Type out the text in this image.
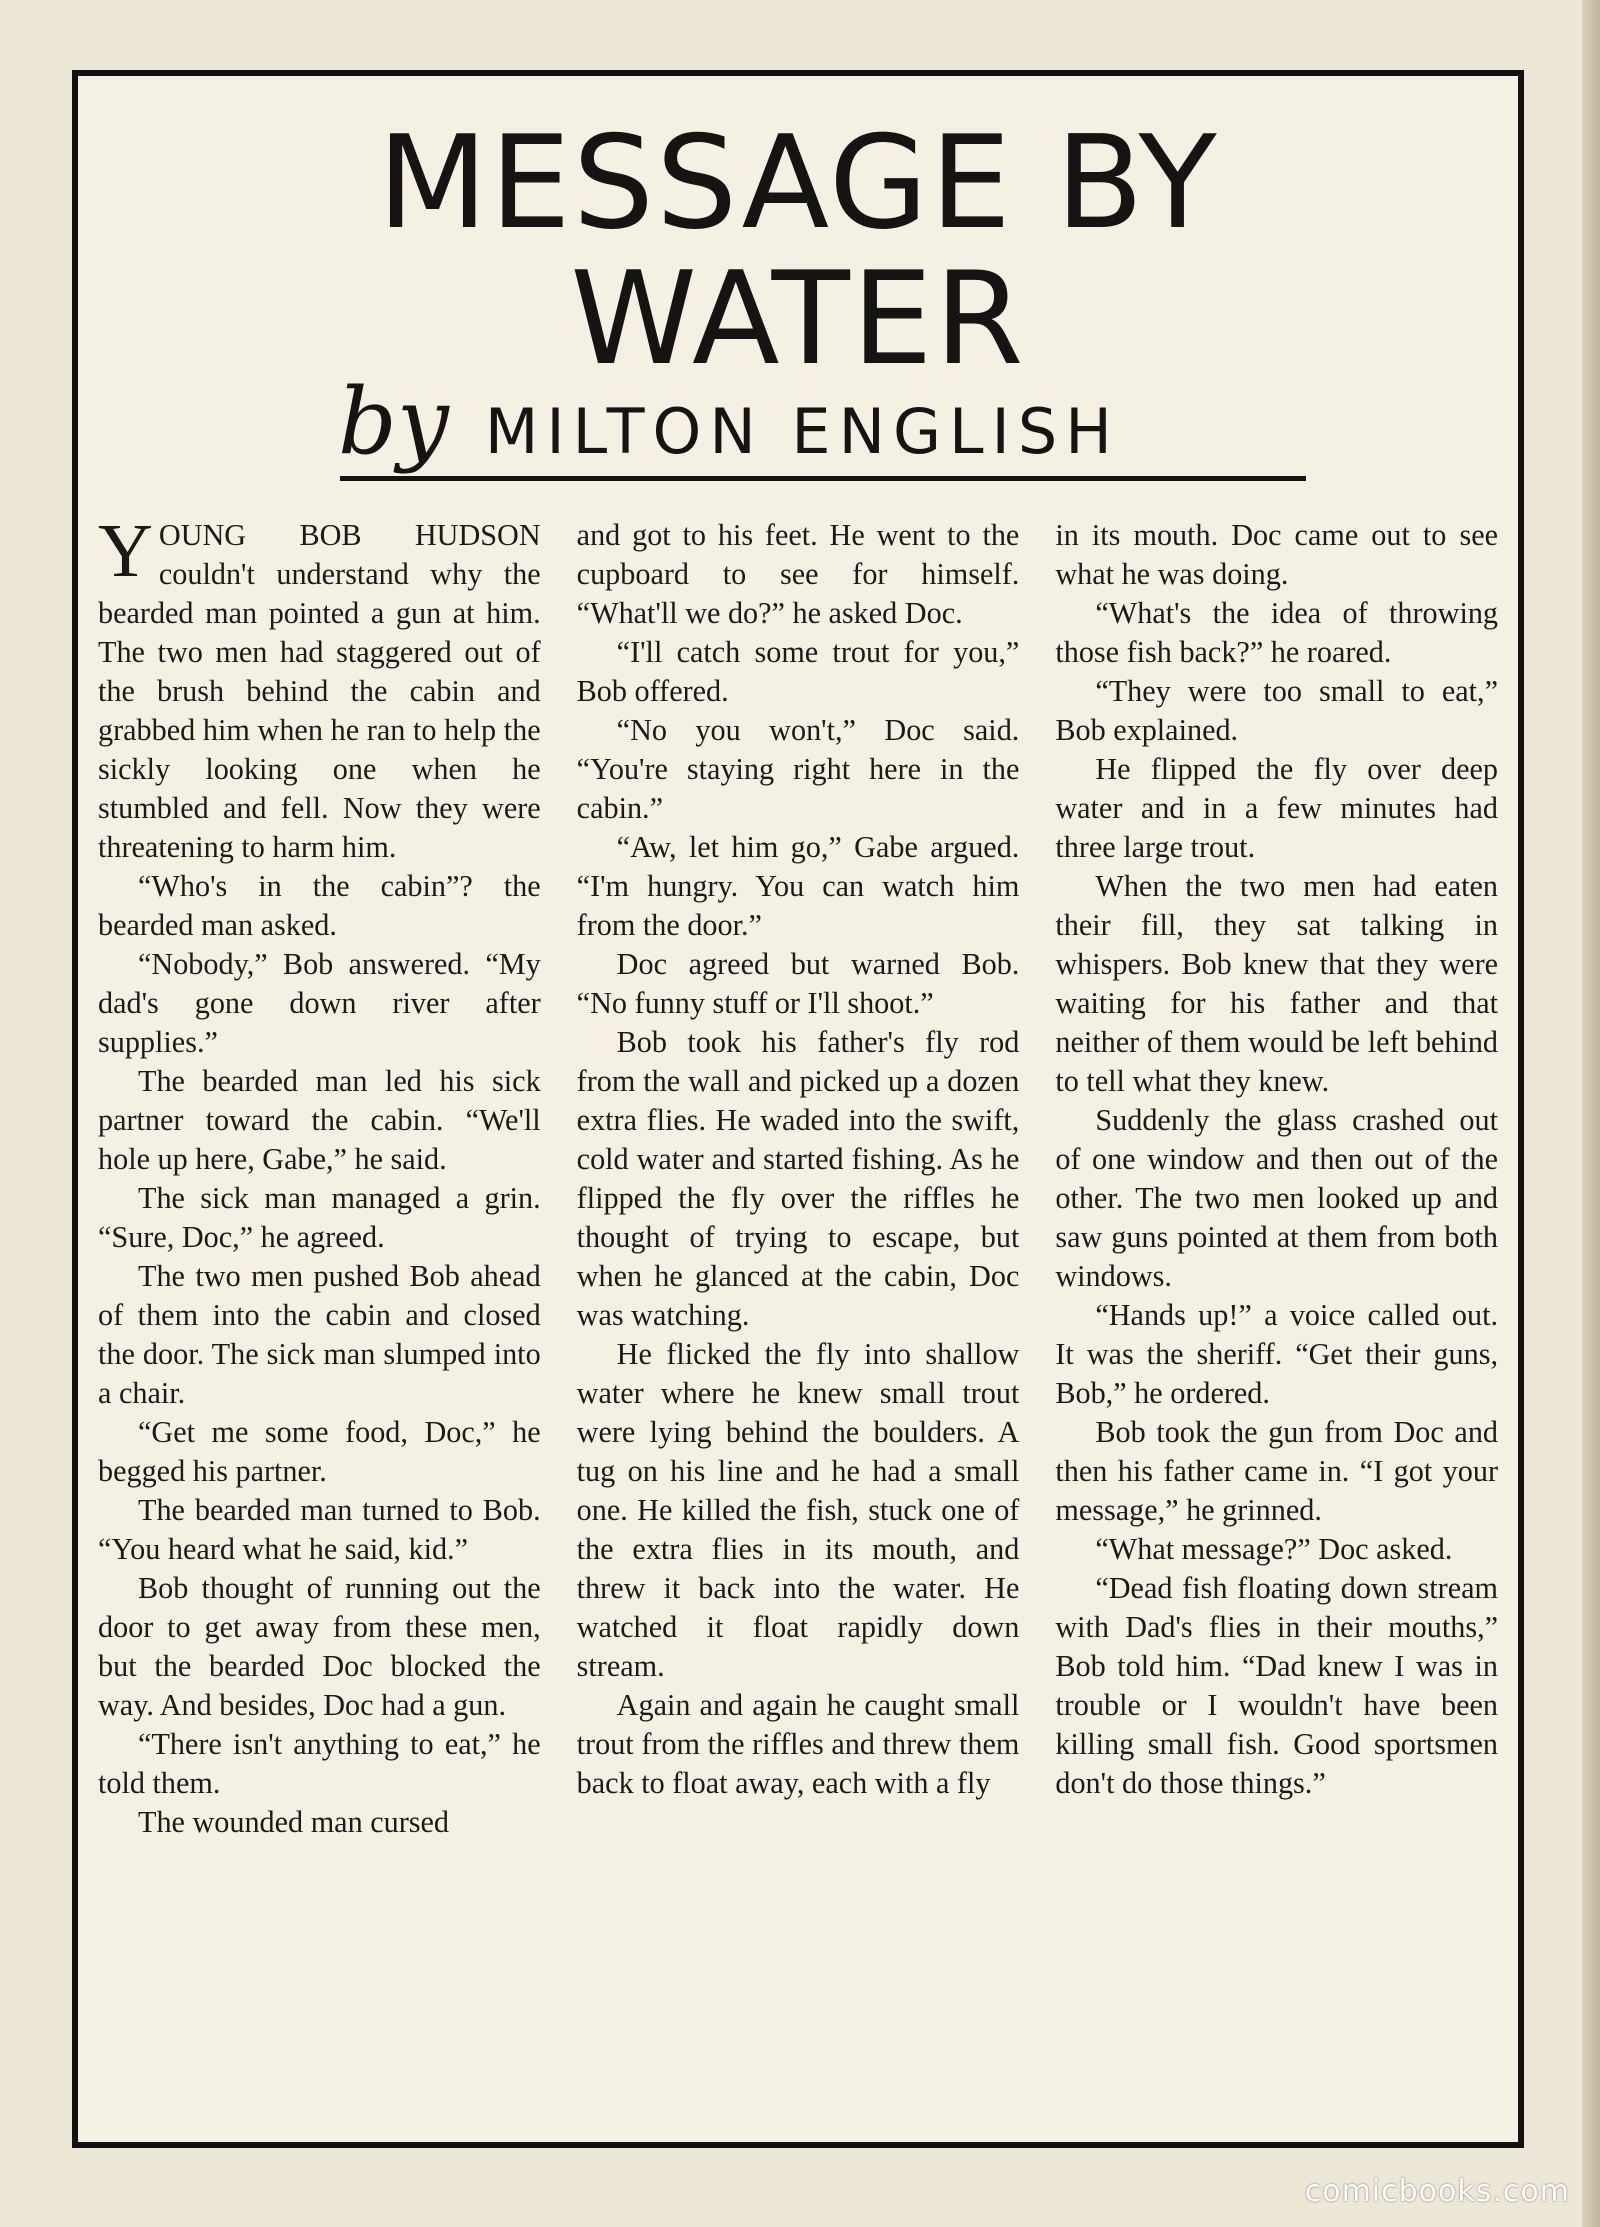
MESSAGE BY
WATER
by MILTON ENGLISH

YOUNG BOB HUDSON couldn't understand why the bearded man pointed a gun at him. The two men had staggered out of the brush behind the cabin and grabbed him when he ran to help the sickly looking one when he stumbled and fell. Now they were threatening to harm him.

“Who's in the cabin”? the bearded man asked.

“Nobody,” Bob answered. “My dad's gone down river after supplies.”

The bearded man led his sick partner toward the cabin. “We'll hole up here, Gabe,” he said.

The sick man managed a grin. “Sure, Doc,” he agreed.

The two men pushed Bob ahead of them into the cabin and closed the door. The sick man slumped into a chair.

“Get me some food, Doc,” he begged his partner.

The bearded man turned to Bob. “You heard what he said, kid.”

Bob thought of running out the door to get away from these men, but the bearded Doc blocked the way. And besides, Doc had a gun.

“There isn't anything to eat,” he told them.

The wounded man cursed

and got to his feet. He went to the cupboard to see for himself. “What'll we do?” he asked Doc.

“I'll catch some trout for you,” Bob offered.

“No you won't,” Doc said. “You're staying right here in the cabin.”

“Aw, let him go,” Gabe argued. “I'm hungry. You can watch him from the door.”

Doc agreed but warned Bob. “No funny stuff or I'll shoot.”

Bob took his father's fly rod from the wall and picked up a dozen extra flies. He waded into the swift, cold water and started fishing. As he flipped the fly over the riffles he thought of trying to escape, but when he glanced at the cabin, Doc was watching.

He flicked the fly into shallow water where he knew small trout were lying behind the boulders. A tug on his line and he had a small one. He killed the fish, stuck one of the extra flies in its mouth, and threw it back into the water. He watched it float rapidly down stream.

Again and again he caught small trout from the riffles and threw them back to float away, each with a fly

in its mouth. Doc came out to see what he was doing.

“What's the idea of throwing those fish back?” he roared.

“They were too small to eat,” Bob explained.

He flipped the fly over deep water and in a few minutes had three large trout.

When the two men had eaten their fill, they sat talking in whispers. Bob knew that they were waiting for his father and that neither of them would be left behind to tell what they knew.

Suddenly the glass crashed out of one window and then out of the other. The two men looked up and saw guns pointed at them from both windows.

“Hands up!” a voice called out. It was the sheriff. “Get their guns, Bob,” he ordered.

Bob took the gun from Doc and then his father came in. “I got your message,” he grinned.

“What message?” Doc asked.

“Dead fish floating down stream with Dad's flies in their mouths,” Bob told him. “Dad knew I was in trouble or I wouldn't have been killing small fish. Good sportsmen don't do those things.”

comicbooks.com
